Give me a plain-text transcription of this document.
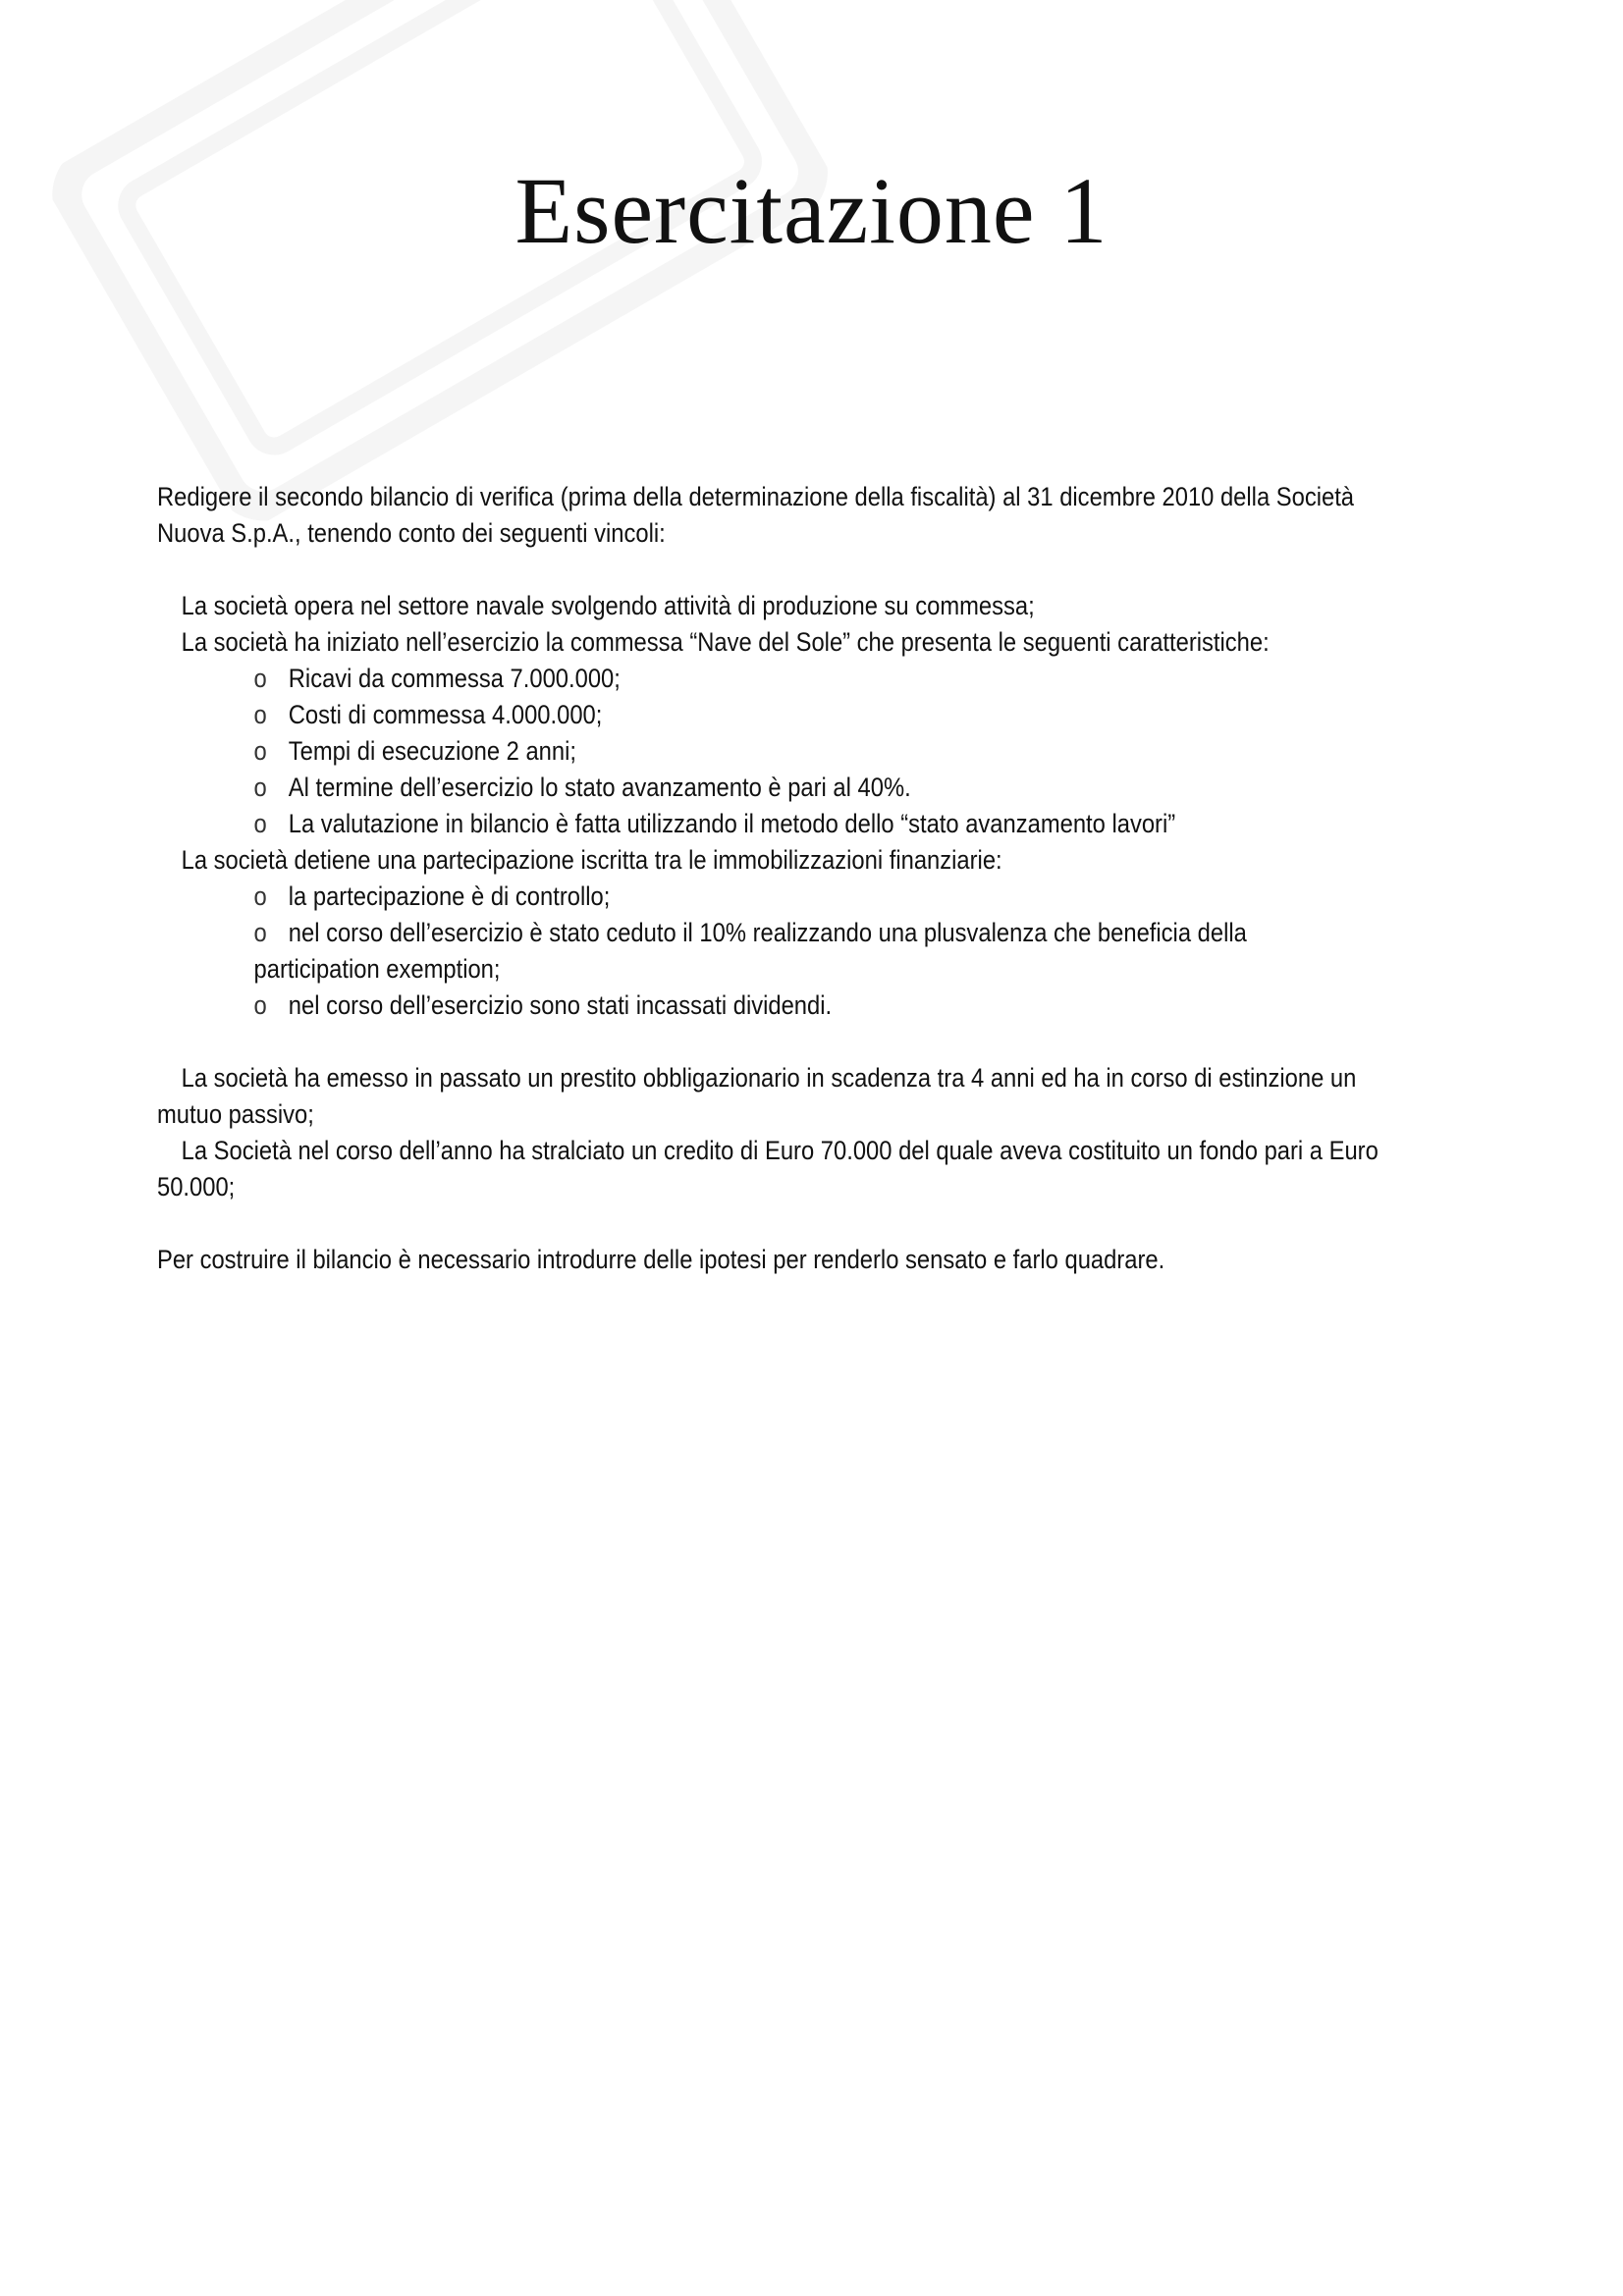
Esercitazione 1

Redigere il secondo bilancio di verifica (prima della determinazione della fiscalità) al 31 dicembre 2010 della Società Nuova S.p.A., tenendo conto dei seguenti vincoli:

La società opera nel settore navale svolgendo attività di produzione su commessa;

La società ha iniziato nell’esercizio la commessa “Nave del Sole” che presenta le seguenti caratteristiche:

o Ricavi da commessa 7.000.000;

o Costi di commessa 4.000.000;

o Tempi di esecuzione 2 anni;

o Al termine dell’esercizio lo stato avanzamento è pari al 40%.

o La valutazione in bilancio è fatta utilizzando il metodo dello “stato avanzamento lavori”

La società detiene una partecipazione iscritta tra le immobilizzazioni finanziarie:

o la partecipazione è di controllo;

o nel corso dell’esercizio è stato ceduto il 10% realizzando una plusvalenza che beneficia della participation exemption;

o nel corso dell’esercizio sono stati incassati dividendi.

La società ha emesso in passato un prestito obbligazionario in scadenza tra 4 anni ed ha in corso di estinzione un mutuo passivo;

La Società nel corso dell’anno ha stralciato un credito di Euro 70.000 del quale aveva costituito un fondo pari a Euro 50.000;

Per costruire il bilancio è necessario introdurre delle ipotesi per renderlo sensato e farlo quadrare.
